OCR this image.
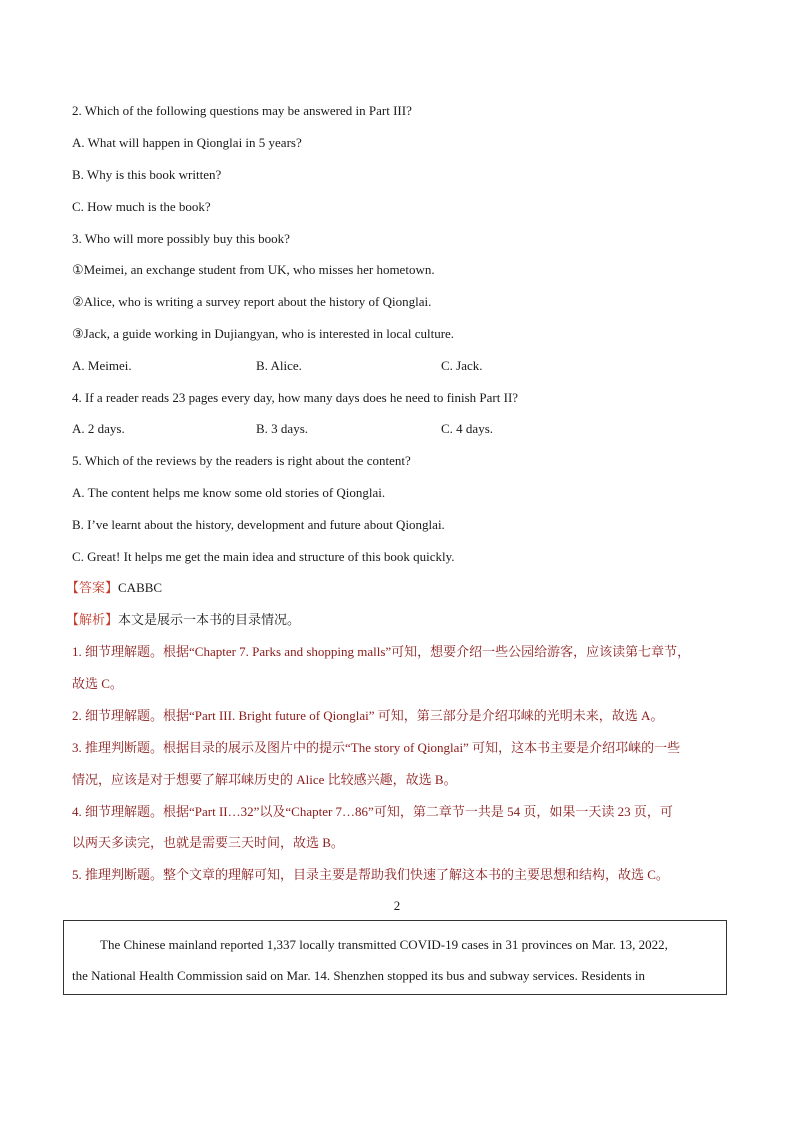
2. Which of the following questions may be answered in Part III?
A. What will happen in Qionglai in 5 years?
B. Why is this book written?
C. How much is the book?
3. Who will more possibly buy this book?
①Meimei, an exchange student from UK, who misses her hometown.
②Alice, who is writing a survey report about the history of Qionglai.
③Jack, a guide working in Dujiangyan, who is interested in local culture.
A. Meimei.	B. Alice.	C. Jack.
4. If a reader reads 23 pages every day, how many days does he need to finish Part II?
A. 2 days.	B. 3 days.	C. 4 days.
5. Which of the reviews by the readers is right about the content?
A. The content helps me know some old stories of Qionglai.
B. I’ve learnt about the history, development and future about Qionglai.
C. Great! It helps me get the main idea and structure of this book quickly.
【答案】CABBC
【解析】本文是展示一本书的目录情况。
1. 细节理解题。根据“Chapter 7. Parks and shopping malls”可知，想要介绍一些公园给游客，应该读第七章节，
故选 C。
2. 细节理解题。根据“Part III. Bright future of Qionglai” 可知，第三部分是介绍邛崃的光明未来，故选 A。
3. 推理判断题。根据目录的展示及图片中的提示“The story of Qionglai” 可知，这本书主要是介绍邛崃的一些
情况，应该是对于想要了解邛崃历史的 Alice 比较感兴趣，故选 B。
4. 细节理解题。根据“Part II…32”以及“Chapter 7…86”可知，第二章节一共是 54 页，如果一天读 23 页，可
以两天多读完，也就是需要三天时间，故选 B。
5. 推理判断题。整个文章的理解可知，目录主要是帮助我们快速了解这本书的主要思想和结构，故选 C。
2
The Chinese mainland reported 1,337 locally transmitted COVID-19 cases in 31 provinces on Mar. 13, 2022,
the National Health Commission said on Mar. 14. Shenzhen stopped its bus and subway services. Residents in
